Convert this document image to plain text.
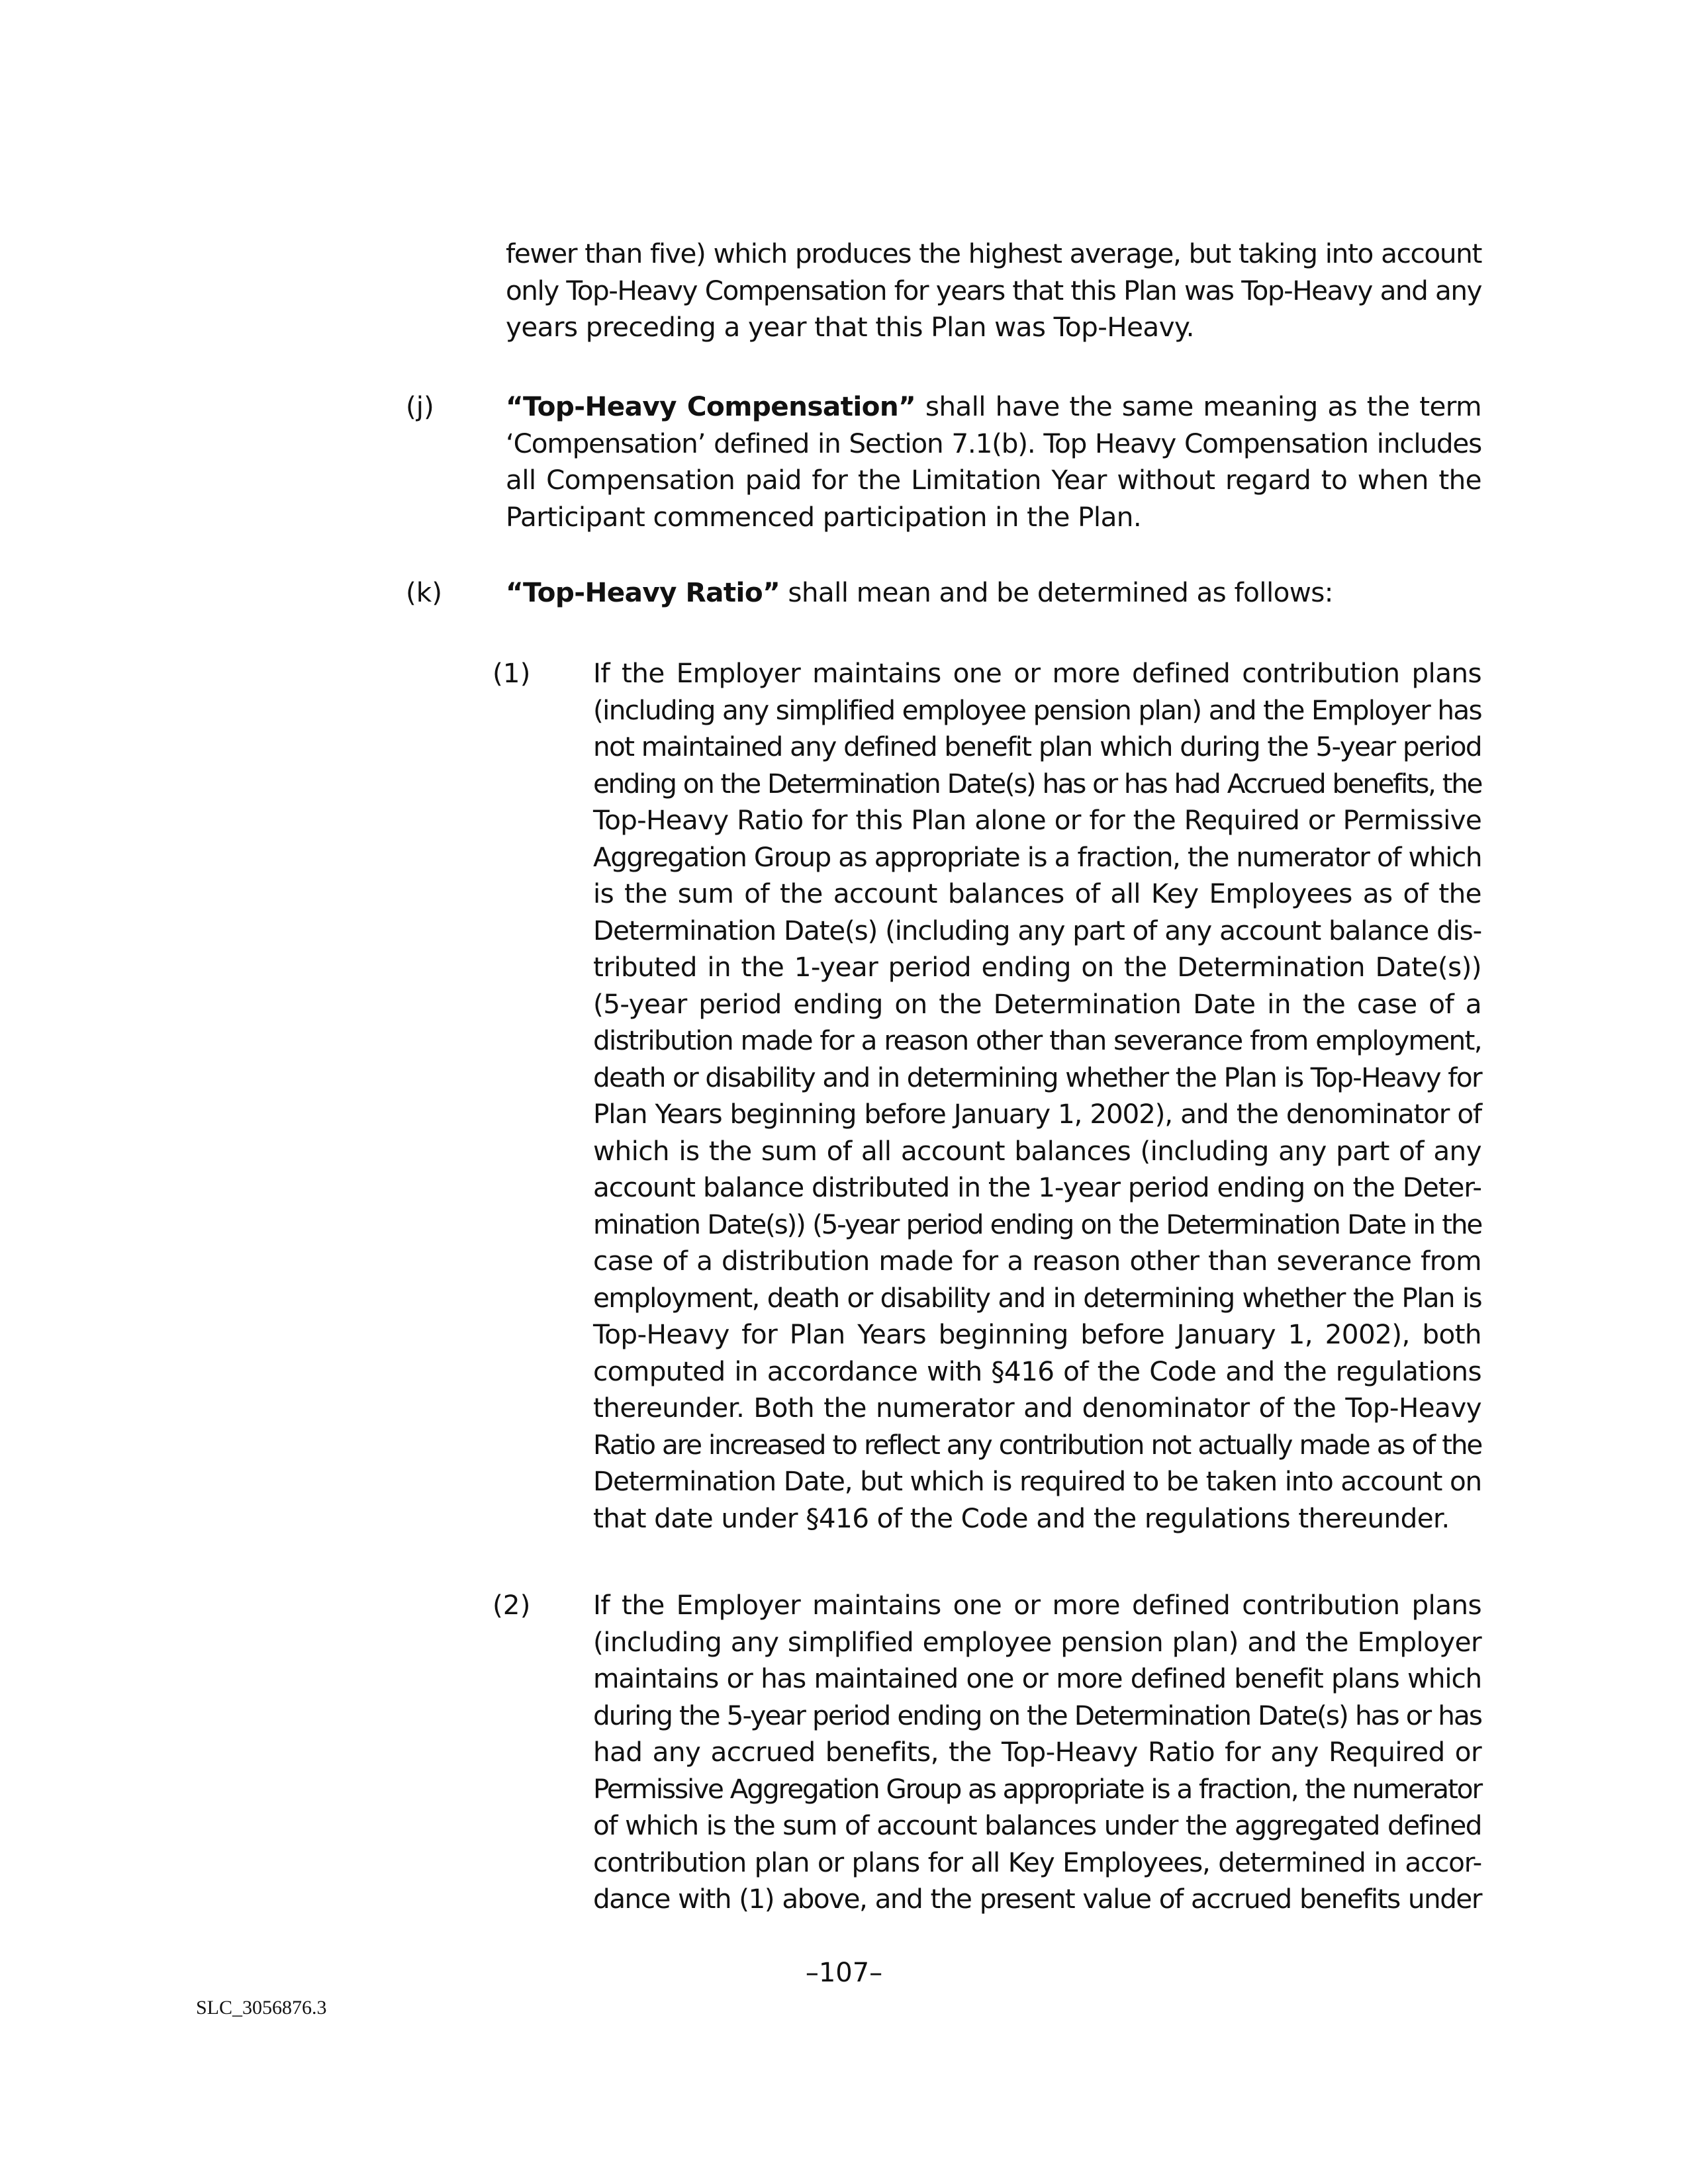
fewer than five) which produces the highest average, but taking into account
only Top-Heavy Compensation for years that this Plan was Top-Heavy and any
years preceding a year that this Plan was Top-Heavy.
(j)	“Top-Heavy Compensation” shall have the same meaning as the term
‘Compensation’ defined in Section 7.1(b). Top Heavy Compensation includes
all Compensation paid for the Limitation Year without regard to when the
Participant commenced participation in the Plan.
(k) “Top-Heavy Ratio” shall mean and be determined as follows:
(1) If the Employer maintains one or more defined contribution plans
(including any simplified employee pension plan) and the Employer has
not maintained any defined benefit plan which during the 5-year period
ending on the Determination Date(s) has or has had Accrued benefits, the
Top-Heavy Ratio for this Plan alone or for the Required or Permissive
Aggregation Group as appropriate is a fraction, the numerator of which
is the sum of the account balances of all Key Employees as of the
Determination Date(s) (including any part of any account balance dis-
tributed in the 1-year period ending on the Determination Date(s))
(5-year period ending on the Determination Date in the case of a
distribution made for a reason other than severance from employment,
death or disability and in determining whether the Plan is Top-Heavy for
Plan Years beginning before January 1, 2002), and the denominator of
which is the sum of all account balances (including any part of any
account balance distributed in the 1-year period ending on the Deter-
mination Date(s)) (5-year period ending on the Determination Date in the
case of a distribution made for a reason other than severance from
employment, death or disability and in determining whether the Plan is
Top-Heavy for Plan Years beginning before January 1, 2002), both
computed in accordance with §416 of the Code and the regulations
thereunder. Both the numerator and denominator of the Top-Heavy
Ratio are increased to reflect any contribution not actually made as of the
Determination Date, but which is required to be taken into account on
that date under §416 of the Code and the regulations thereunder.
(2) If the Employer maintains one or more defined contribution plans
(including any simplified employee pension plan) and the Employer
maintains or has maintained one or more defined benefit plans which
during the 5-year period ending on the Determination Date(s) has or has
had any accrued benefits, the Top-Heavy Ratio for any Required or
Permissive Aggregation Group as appropriate is a fraction, the numerator
of which is the sum of account balances under the aggregated defined
contribution plan or plans for all Key Employees, determined in accor-
dance with (1) above, and the present value of accrued benefits under
–107–
SLC_3056876.3
